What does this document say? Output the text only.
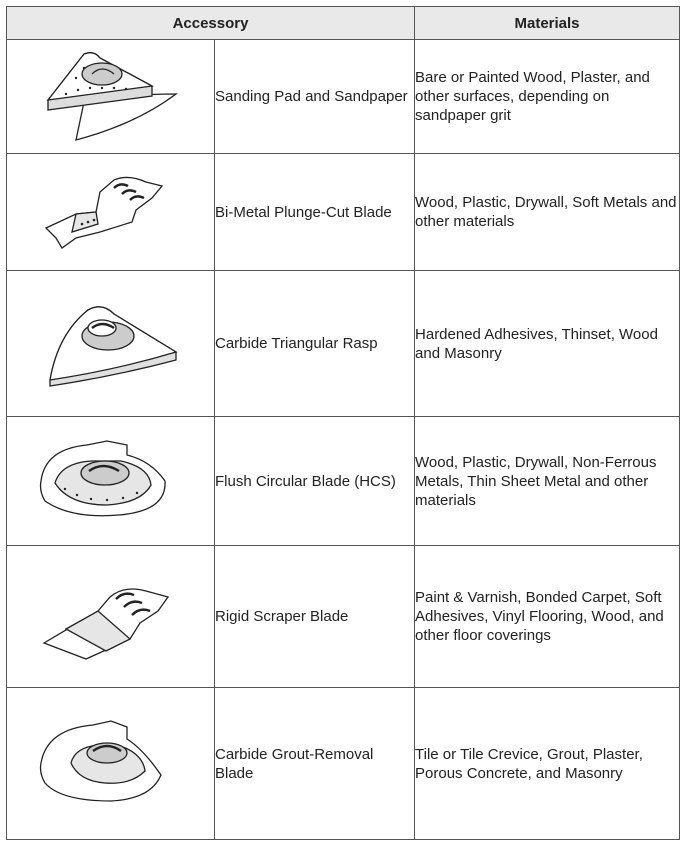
Accessory		Materials

	Sanding Pad and Sandpaper	Bare or Painted Wood, Plaster, and other surfaces, depending on sandpaper grit

	Bi-Metal Plunge-Cut Blade	Wood, Plastic, Drywall, Soft Metals and other materials

	Carbide Triangular Rasp	Hardened Adhesives, Thinset, Wood and Masonry

	Flush Circular Blade (HCS)	Wood, Plastic, Drywall, Non-Ferrous Metals, Thin Sheet Metal and other materials

	Rigid Scraper Blade	Paint & Varnish, Bonded Carpet, Soft Adhesives, Vinyl Flooring, Wood, and other floor coverings

	Carbide Grout-Removal Blade	Tile or Tile Crevice, Grout, Plaster, Porous Concrete, and Masonry
